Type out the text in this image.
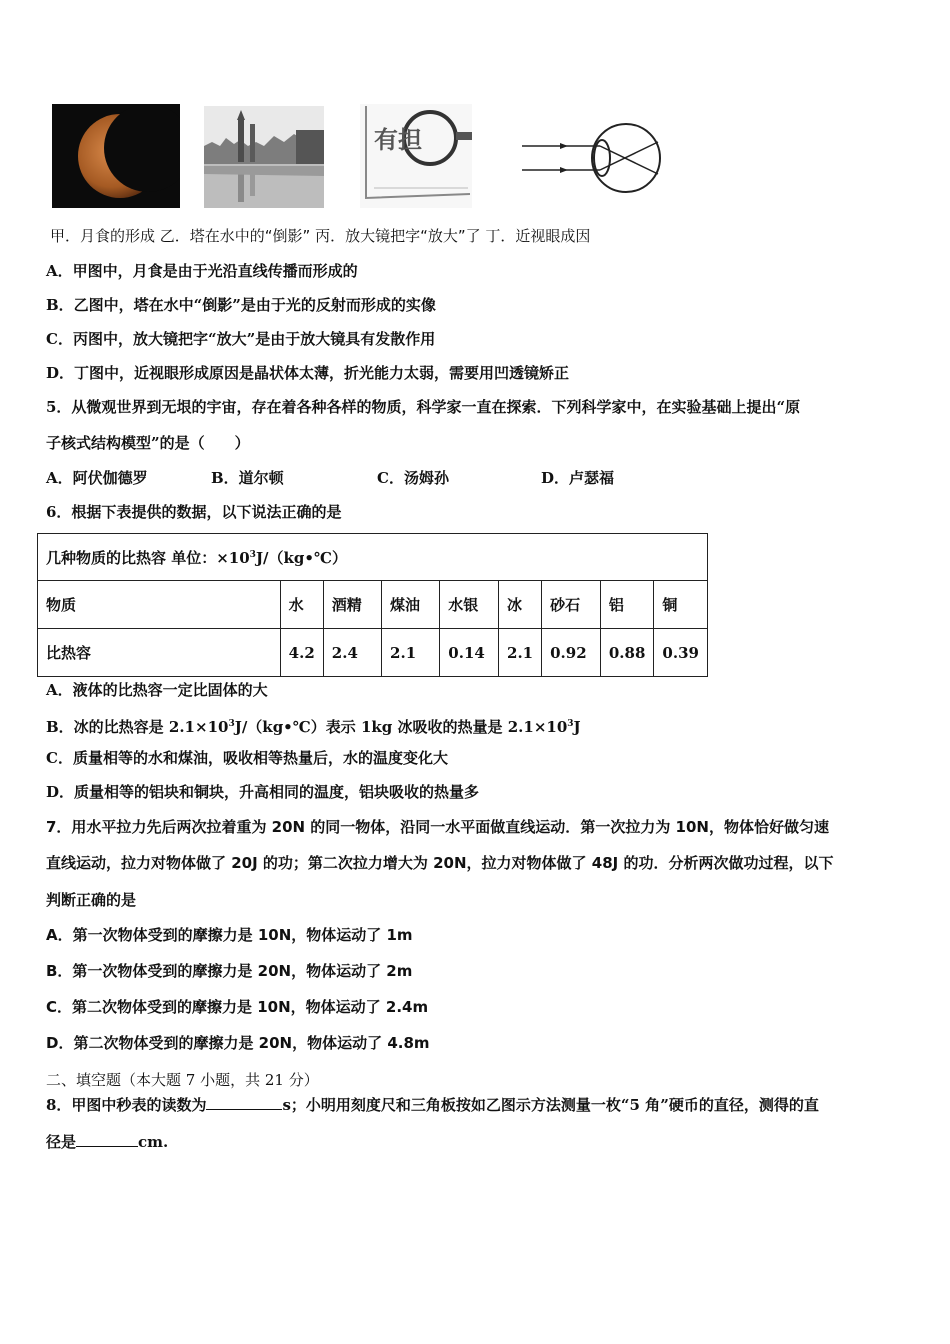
有担
甲．月食的形成 乙．塔在水中的“倒影” 丙．放大镜把字“放大”了 丁．近视眼成因
A．甲图中，月食是由于光沿直线传播而形成的
B．乙图中，塔在水中“倒影”是由于光的反射而形成的实像
C．丙图中，放大镜把字“放大”是由于放大镜具有发散作用
D．丁图中，近视眼形成原因是晶状体太薄，折光能力太弱，需要用凹透镜矫正
5．从微观世界到无垠的宇宙，存在着各种各样的物质，科学家一直在探索．下列科学家中，在实验基础上提出“原
子核式结构模型”的是（　　）
A．阿伏伽德罗	B．道尔顿	C．汤姆孙	D．卢瑟福
6．根据下表提供的数据，以下说法正确的是
几种物质的比热容 单位：$\times 10^3J/(kg•℃)$								
物质	水	酒精	煤油	水银	冰	砂石	铝	铜
比热容	4.2	2.4	2.1	0.14	2.1	0.92	0.88	0.39
A．液体的比热容一定比固体的大
B．冰的比热容是 $2.1\times 10^3J/(kg•℃)$表示 1kg 冰吸收的热量是 $2.1\times 10^3J$
C．质量相等的水和煤油，吸收相等热量后，水的温度变化大
D．质量相等的铝块和铜块，升高相同的温度，铝块吸收的热量多
7．用水平拉力先后两次拉着重为 20N 的同一物体，沿同一水平面做直线运动．第一次拉力为 10N，物体恰好做匀速
直线运动，拉力对物体做了 20J 的功；第二次拉力增大为 20N，拉力对物体做了 48J 的功．分析两次做功过程，以下
判断正确的是
A．第一次物体受到的摩擦力是 10N，物体运动了 1m
B．第一次物体受到的摩擦力是 20N，物体运动了 2m
C．第二次物体受到的摩擦力是 10N，物体运动了 2.4m
D．第二次物体受到的摩擦力是 20N，物体运动了 4.8m
二、填空题（本大题 7 小题，共 21 分）
8．甲图中秒表的读数为	s；小明用刻度尺和三角板按如乙图示方法测量一枚“5 角”硬币的直径，测得的直
径是	cm.
